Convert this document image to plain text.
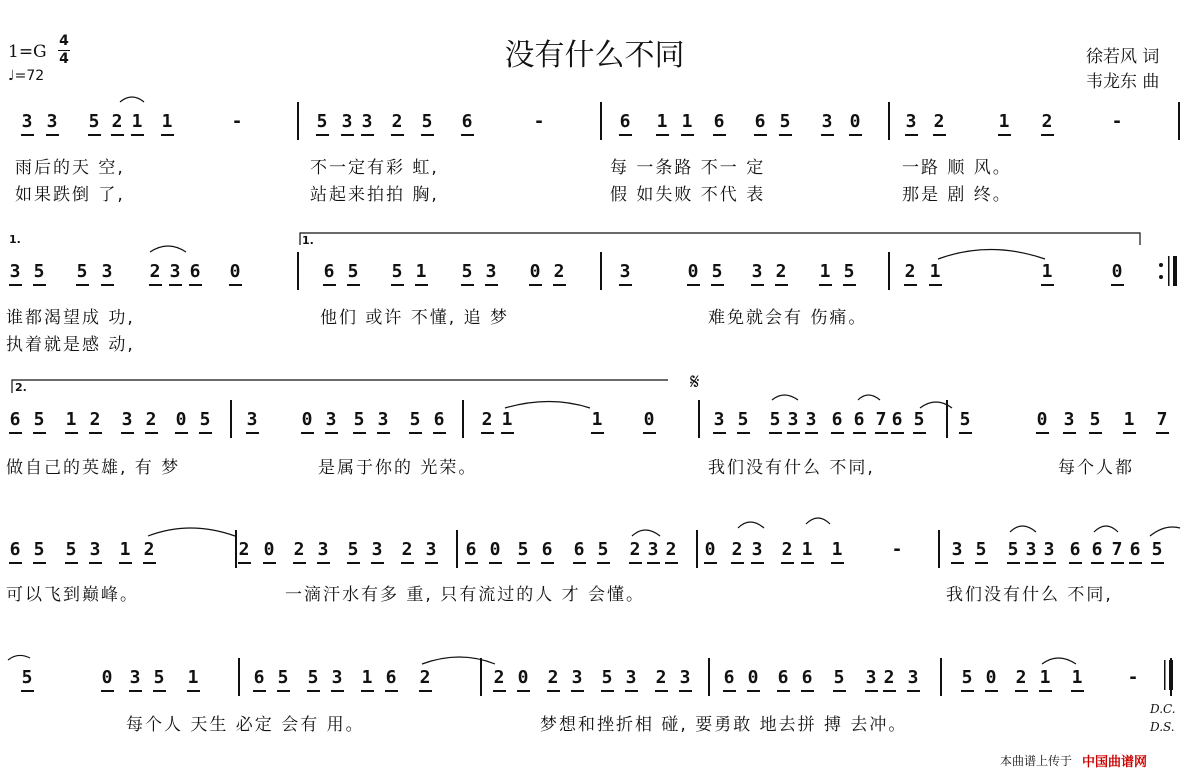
没有什么不同
1=G
4
4
♩=72
徐若风 词
韦龙东 曲
3 3 5 2 1 1	-	5 3 3 2 5 6	-	6 1 1 6 6 5 3 0	3 2	1 2	-
雨后的天 空,	不一定有彩 虹,	每 一条路 不一 定	一路 顺 风。
如果跌倒 了,	站起来拍拍 胸,	假 如失败 不代 表	那是 剧 终。
3 5 5 3 2 3 6 0	6 5 5 1 5 3 0 2	3	0 5 3 2 1 5	2 1	1	0
谁都渴望成 功,	他们 或许 不懂, 追 梦	难免就会有 伤痛。
执着就是感 动,
6 5 1 2 3 2 0 5 3 0 3 5 3 5 6 2 1	1 0	3 5 5 3 3 6 6 7 6 5 5	0 3 5 1 7
做自己的英雄, 有 梦	是属于你的 光荣。	我们没有什么 不同,	每个人都
6 5 5 3 1 2	2 0 2 3 5 3 2 3 6 0 5 6 6 5 2 3 2 0 2 3 2 1 1	-	3 5 5 3 3 6 6 7 6 5
可以飞到巅峰。	一滴汗水有多 重, 只有流过的人 才 会懂。	我们没有什么 不同,
5	0 3 5 1	6 5 5 3 1 6 2	2 0 2 3 5 3 2 3 6 0 6 6 5 3 2 3 5 0 2 1 1	-
每个人 天生 必定 会有 用。	梦想和挫折相 碰, 要勇敢 地去拼 搏 去冲。
1.	1.
2.	𝄋
D.C.
D.S.
本曲谱上传于 中国曲谱网
